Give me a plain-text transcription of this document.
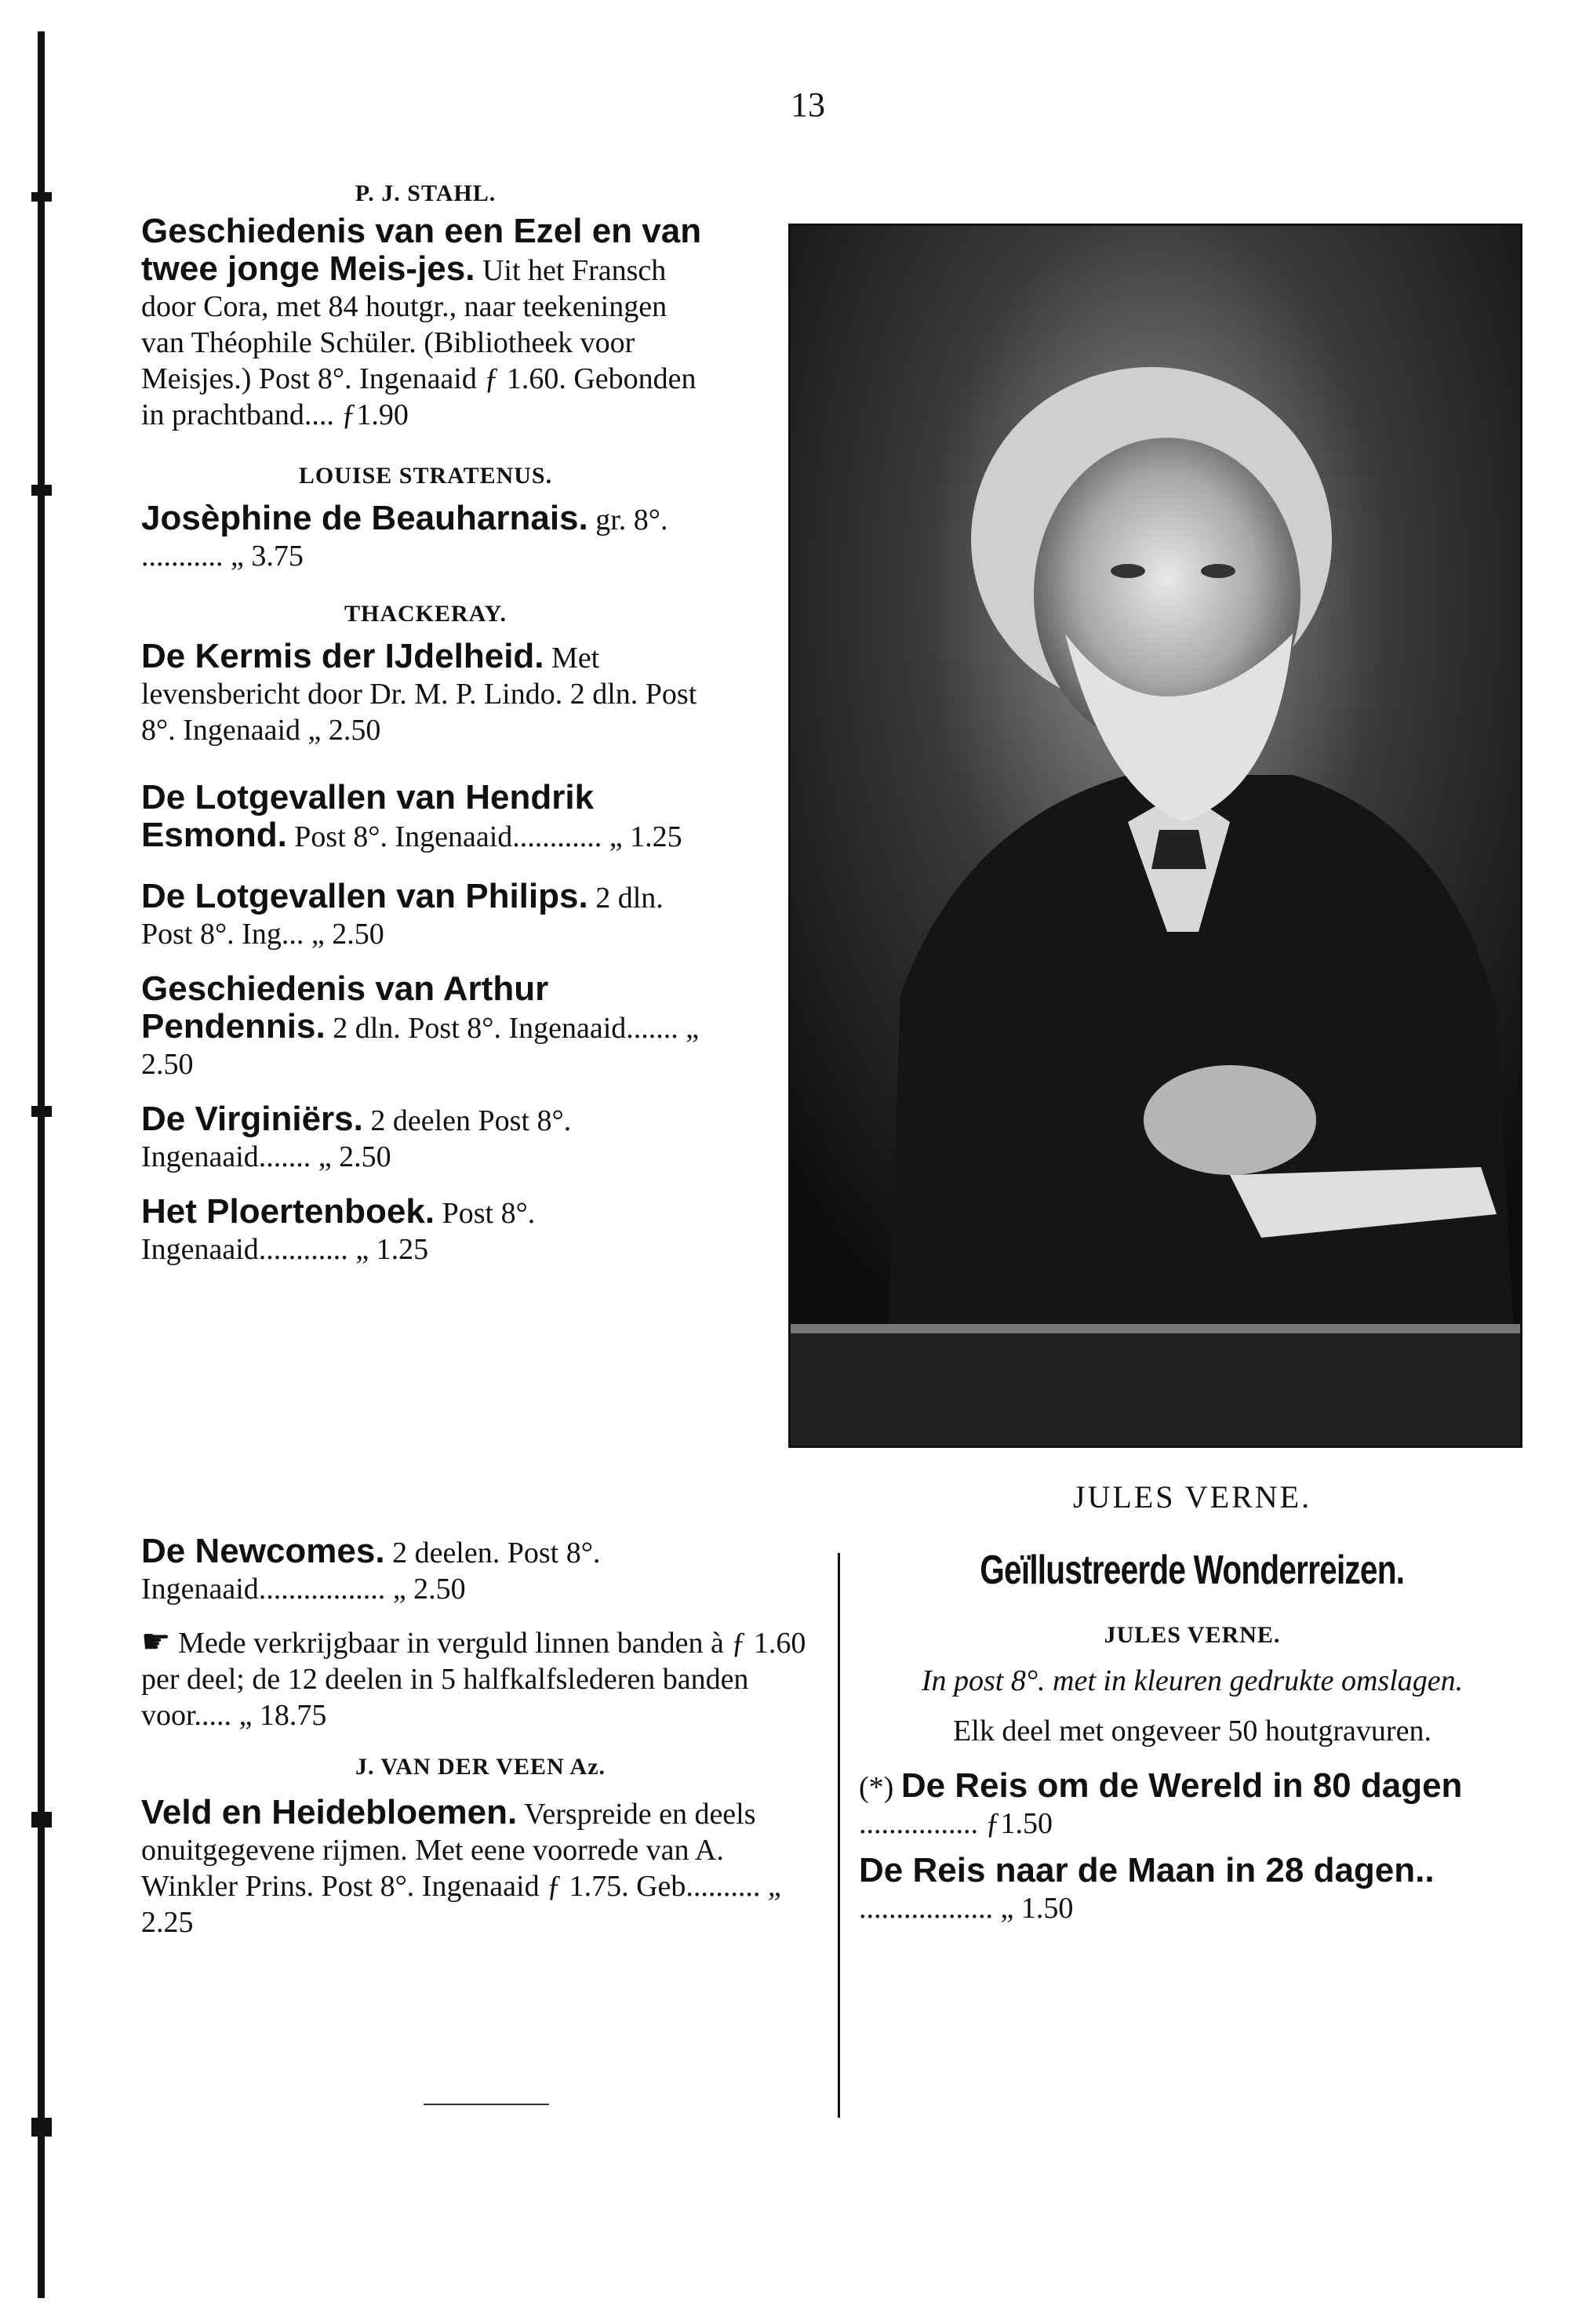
13

P. J. STAHL.

Geschiedenis van een Ezel en van twee jonge Meis-jes. Uit het Fransch door Cora, met 84 houtgr., naar teekeningen van Théophile Schüler. (Bibliotheek voor Meisjes.) Post 8°. Ingenaaid ƒ 1.60. Gebonden in prachtband.... ƒ1.90

LOUISE STRATENUS.

Josèphine de Beauharnais. gr. 8°. ........... „ 3.75

THACKERAY.

De Kermis der IJdelheid. Met levensbericht door Dr. M. P. Lindo. 2 dln. Post 8°. Ingenaaid „ 2.50
De Lotgevallen van Hendrik Esmond. Post 8°. Ingenaaid............ „ 1.25
De Lotgevallen van Philips. 2 dln. Post 8°. Ing... „ 2.50
Geschiedenis van Arthur Pendennis. 2 dln. Post 8°. Ingenaaid....... „ 2.50
De Virginiërs. 2 deelen Post 8°. Ingenaaid....... „ 2.50
Het Ploertenboek. Post 8°. Ingenaaid............ „ 1.25
De Newcomes. 2 deelen. Post 8°. Ingenaaid................. „ 2.50
☛ Mede verkrijgbaar in verguld linnen banden à ƒ 1.60 per deel; de 12 deelen in 5 halfkalfslederen banden voor..... „ 18.75

J. VAN DER VEEN Az.

Veld en Heidebloemen. Verspreide en deels onuitgegevene rijmen. Met eene voorrede van A. Winkler Prins. Post 8°. Ingenaaid ƒ 1.75. Geb.......... „ 2.25
JULES VERNE.
Geïllustreerde Wonderreizen.

JULES VERNE.

In post 8°. met in kleuren gedrukte omslagen.

Elk deel met ongeveer 50 houtgravuren.

(*) De Reis om de Wereld in 80 dagen ................ ƒ1.50
De Reis naar de Maan in 28 dagen.. .................. „ 1.50
